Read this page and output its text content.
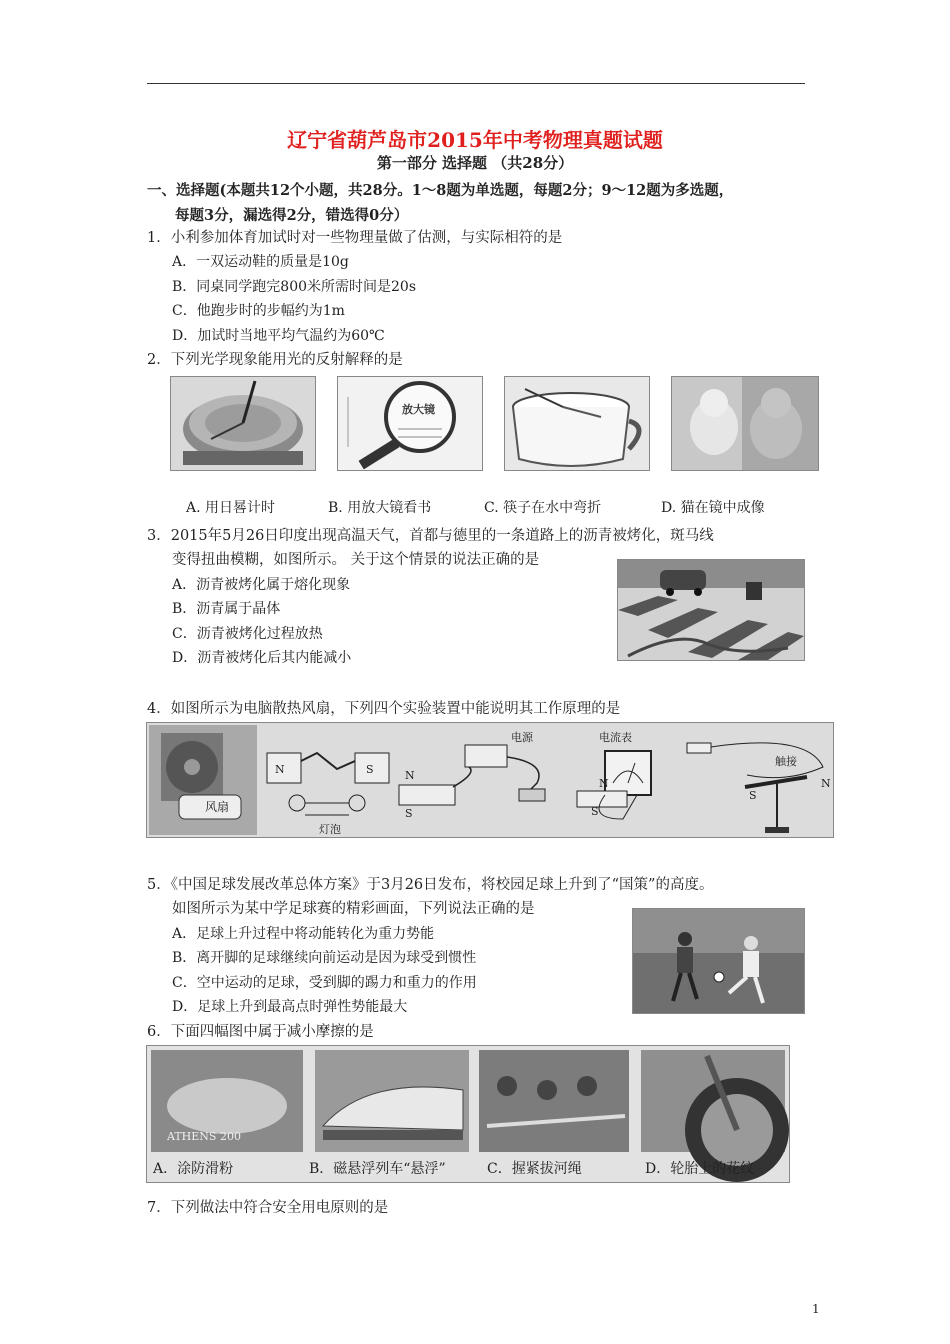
辽宁省葫芦岛市2015年中考物理真题试题
第一部分 选择题 （共28分）
一、选择题(本题共12个小题，共28分。1～8题为单选题，每题2分；9～12题为多选题，
每题3分，漏选得2分，错选得0分）
1．小利参加体育加试时对一些物理量做了估测，与实际相符的是
A．一双运动鞋的质量是10g
B．同桌同学跑完800米所需时间是20s
C．他跑步时的步幅约为1m
D．加试时当地平均气温约为60℃
2．下列光学现象能用光的反射解释的是
放大镜
A. 用日晷计时	B. 用放大镜看书	C. 筷子在水中弯折	D. 猫在镜中成像
3．2015年5月26日印度出现高温天气，首都与德里的一条道路上的沥青被烤化，斑马线
变得扭曲模糊，如图所示。 关于这个情景的说法正确的是
A．沥青被烤化属于熔化现象
B．沥青属于晶体
C．沥青被烤化过程放热
D．沥青被烤化后其内能减小
4．如图所示为电脑散热风扇，下列四个实验装置中能说明其工作原理的是
风扇
N	S
灯泡
N
S
电源	电流表
N
S
触接
S
N
5．《中国足球发展改革总体方案》于3月26日发布，将校园足球上升到了“国策”的高度。
如图所示为某中学足球赛的精彩画面，下列说法正确的是
A．足球上升过程中将动能转化为重力势能
B．离开脚的足球继续向前运动是因为球受到惯性
C．空中运动的足球，受到脚的踢力和重力的作用
D．足球上升到最高点时弹性势能最大
6．下面四幅图中属于减小摩擦的是
ATHENS 200
A．涂防滑粉	B．磁悬浮列车“悬浮”	C．握紧拔河绳	D．轮胎上的花纹
7．下列做法中符合安全用电原则的是
1
